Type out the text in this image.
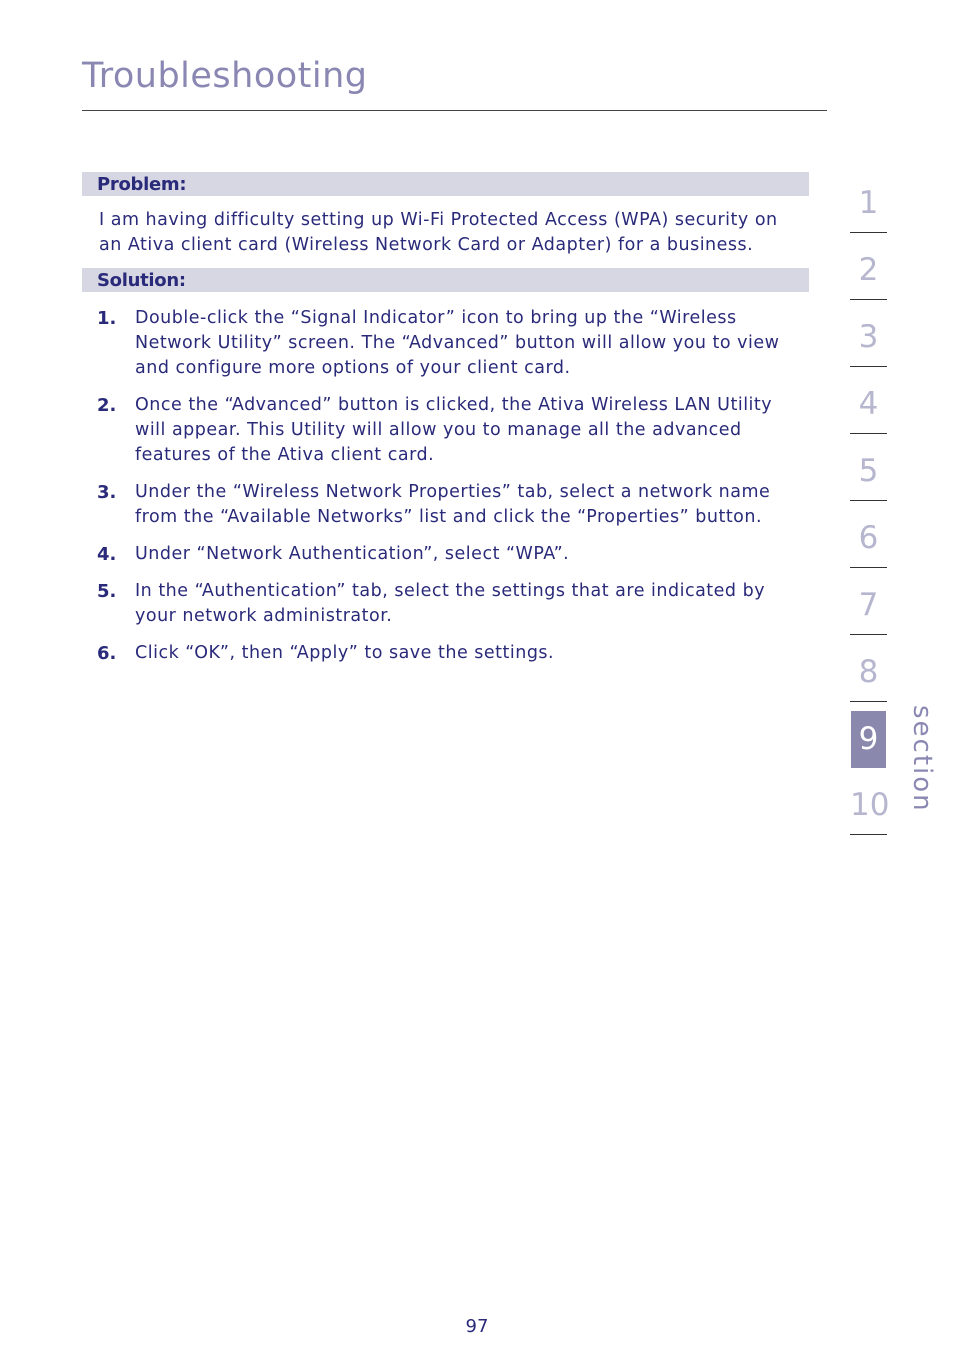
Troubleshooting
Problem:

I am having difficulty setting up Wi-Fi Protected Access (WPA) security on an Ativa client card (Wireless Network Card or Adapter) for a business.

Solution:
1. Double-click the “Signal Indicator” icon to bring up the “Wireless Network Utility” screen. The “Advanced” button will allow you to view and configure more options of your client card.
2. Once the “Advanced” button is clicked, the Ativa Wireless LAN Utility will appear. This Utility will allow you to manage all the advanced features of the Ativa client card.
3. Under the “Wireless Network Properties” tab, select a network name from the “Available Networks” list and click the “Properties” button.
4. Under “Network Authentication”, select “WPA”.
5. In the “Authentication” tab, select the settings that are indicated by your network administrator.
6. Click “OK”, then “Apply” to save the settings.
1
2
3
4
5
6
7
8
9
10 section
97
